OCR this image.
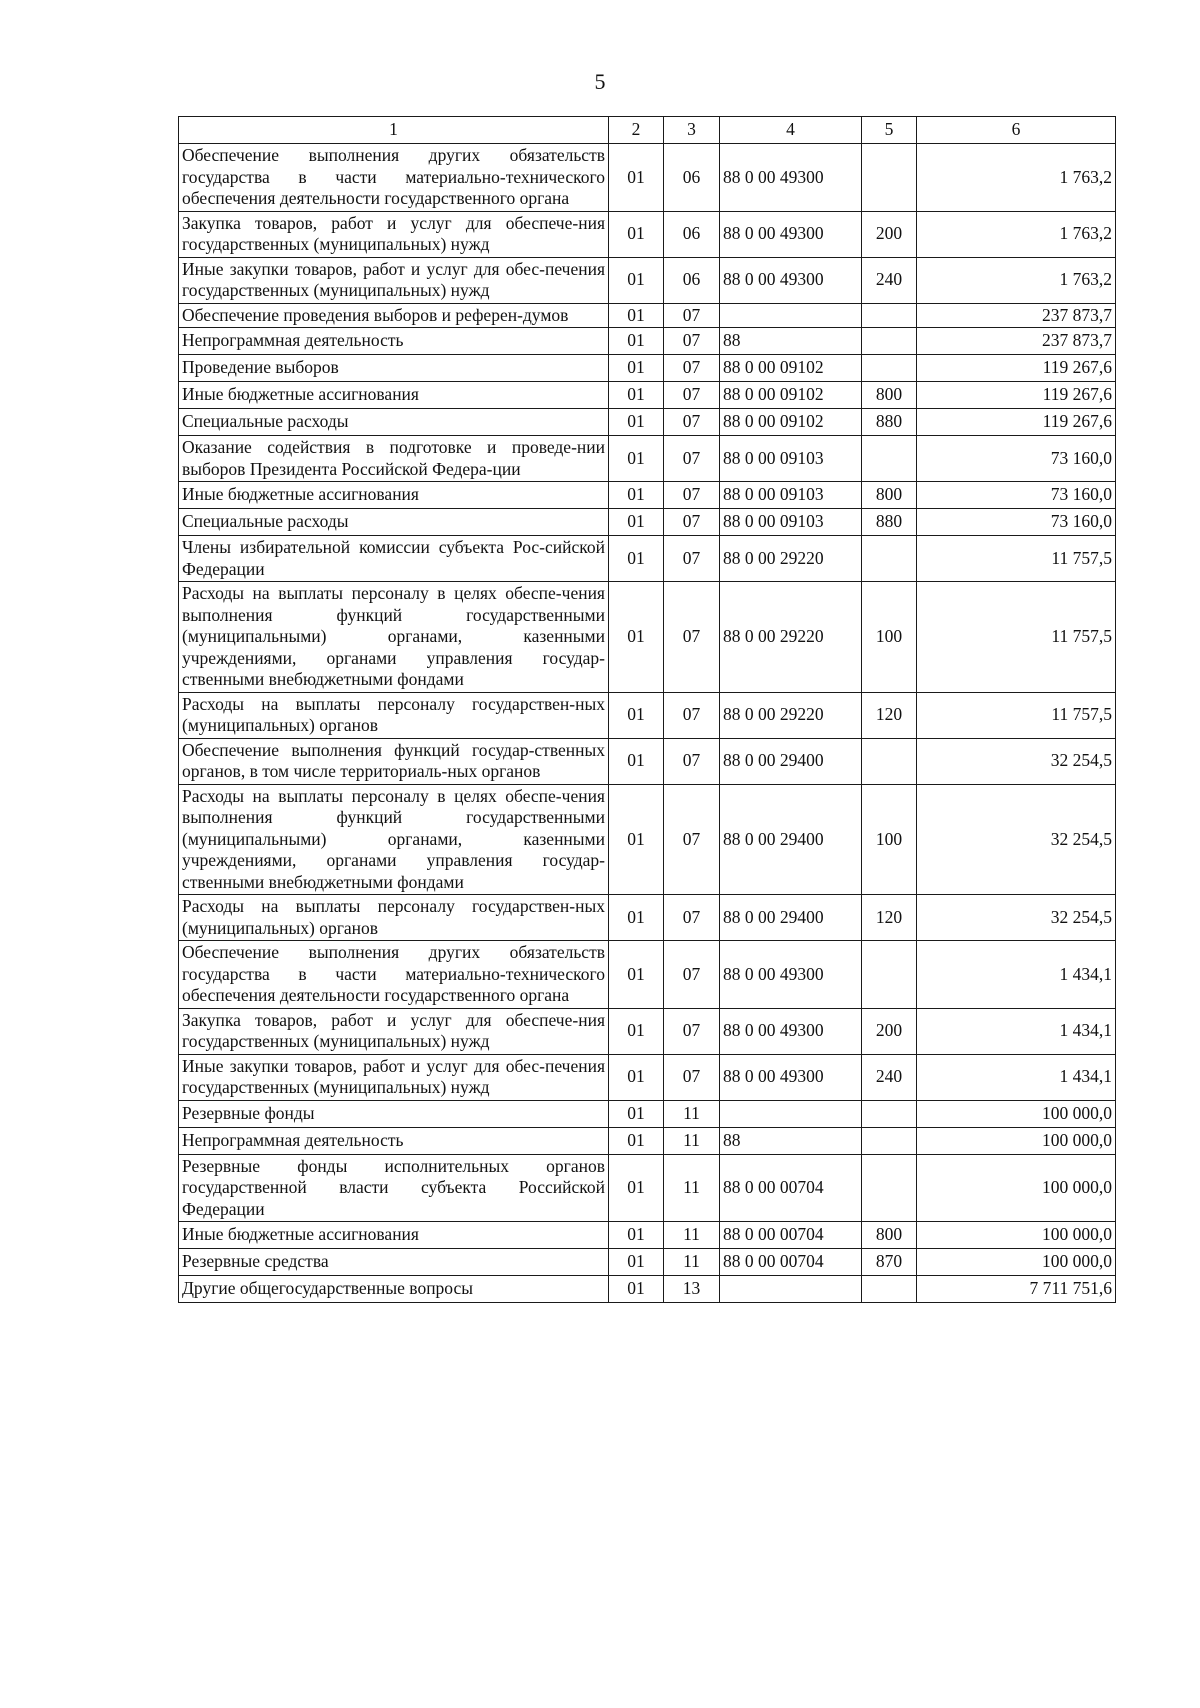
5
1	2	3	4	5	6
Обеспечение выполнения других обязательств государства в части материально-технического обеспечения деятельности государственного органа	01	06	88 0 00 49300		1 763,2
Закупка товаров, работ и услуг для обеспече-ния государственных (муниципальных) нужд	01	06	88 0 00 49300	200	1 763,2
Иные закупки товаров, работ и услуг для обес-печения государственных (муниципальных) нужд	01	06	88 0 00 49300	240	1 763,2
Обеспечение проведения выборов и референ-думов	01	07			237 873,7
Непрограммная деятельность	01	07	88		237 873,7
Проведение выборов	01	07	88 0 00 09102		119 267,6
Иные бюджетные ассигнования	01	07	88 0 00 09102	800	119 267,6
Специальные расходы	01	07	88 0 00 09102	880	119 267,6
Оказание содействия в подготовке и проведе-нии выборов Президента Российской Федера-ции	01	07	88 0 00 09103		73 160,0
Иные бюджетные ассигнования	01	07	88 0 00 09103	800	73 160,0
Специальные расходы	01	07	88 0 00 09103	880	73 160,0
Члены избирательной комиссии субъекта Рос-сийской Федерации	01	07	88 0 00 29220		11 757,5
Расходы на выплаты персоналу в целях обеспе-чения выполнения функций государственными (муниципальными) органами, казенными учреждениями, органами управления государ-ственными внебюджетными фондами	01	07	88 0 00 29220	100	11 757,5
Расходы на выплаты персоналу государствен-ных (муниципальных) органов	01	07	88 0 00 29220	120	11 757,5
Обеспечение выполнения функций государ-ственных органов, в том числе территориаль-ных органов	01	07	88 0 00 29400		32 254,5
Расходы на выплаты персоналу в целях обеспе-чения выполнения функций государственными (муниципальными) органами, казенными учреждениями, органами управления государ-ственными внебюджетными фондами	01	07	88 0 00 29400	100	32 254,5
Расходы на выплаты персоналу государствен-ных (муниципальных) органов	01	07	88 0 00 29400	120	32 254,5
Обеспечение выполнения других обязательств государства в части материально-технического обеспечения деятельности государственного органа	01	07	88 0 00 49300		1 434,1
Закупка товаров, работ и услуг для обеспече-ния государственных (муниципальных) нужд	01	07	88 0 00 49300	200	1 434,1
Иные закупки товаров, работ и услуг для обес-печения государственных (муниципальных) нужд	01	07	88 0 00 49300	240	1 434,1
Резервные фонды	01	11			100 000,0
Непрограммная деятельность	01	11	88		100 000,0
Резервные фонды исполнительных органов государственной власти субъекта Российской Федерации	01	11	88 0 00 00704		100 000,0
Иные бюджетные ассигнования	01	11	88 0 00 00704	800	100 000,0
Резервные средства	01	11	88 0 00 00704	870	100 000,0
Другие общегосударственные вопросы	01	13			7 711 751,6
